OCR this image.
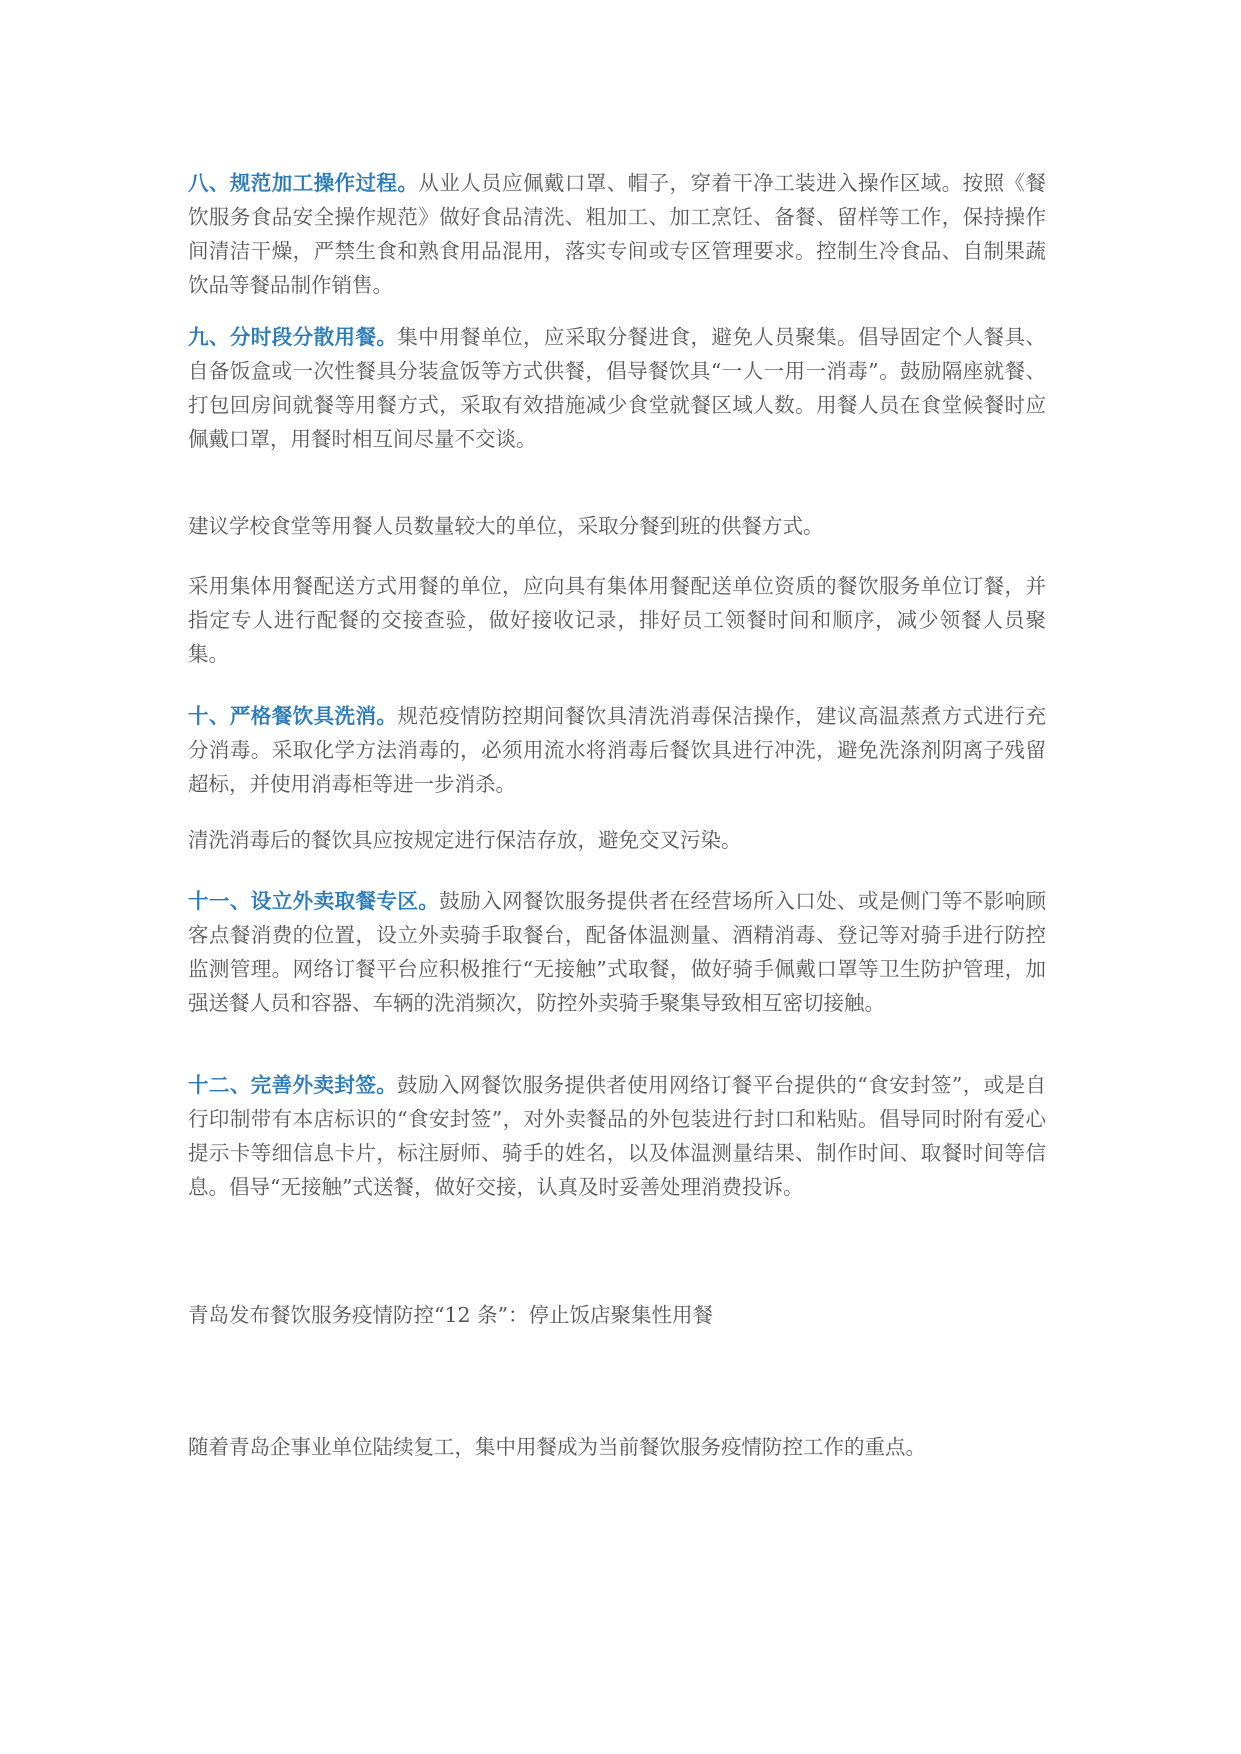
八、规范加工操作过程。从业人员应佩戴口罩、帽子，穿着干净工装进入操作区域。按照《餐饮服务食品安全操作规范》做好食品清洗、粗加工、加工烹饪、备餐、留样等工作，保持操作间清洁干燥，严禁生食和熟食用品混用，落实专间或专区管理要求。控制生冷食品、自制果蔬饮品等餐品制作销售。

九、分时段分散用餐。集中用餐单位，应采取分餐进食，避免人员聚集。倡导固定个人餐具、自备饭盒或一次性餐具分装盒饭等方式供餐，倡导餐饮具“一人一用一消毒”。鼓励隔座就餐、打包回房间就餐等用餐方式，采取有效措施减少食堂就餐区域人数。用餐人员在食堂候餐时应佩戴口罩，用餐时相互间尽量不交谈。

建议学校食堂等用餐人员数量较大的单位，采取分餐到班的供餐方式。

采用集体用餐配送方式用餐的单位，应向具有集体用餐配送单位资质的餐饮服务单位订餐，并指定专人进行配餐的交接查验，做好接收记录，排好员工领餐时间和顺序，减少领餐人员聚集。

十、严格餐饮具洗消。规范疫情防控期间餐饮具清洗消毒保洁操作，建议高温蒸煮方式进行充分消毒。采取化学方法消毒的，必须用流水将消毒后餐饮具进行冲洗，避免洗涤剂阴离子残留超标，并使用消毒柜等进一步消杀。

清洗消毒后的餐饮具应按规定进行保洁存放，避免交叉污染。

十一、设立外卖取餐专区。鼓励入网餐饮服务提供者在经营场所入口处、或是侧门等不影响顾客点餐消费的位置，设立外卖骑手取餐台，配备体温测量、酒精消毒、登记等对骑手进行防控监测管理。网络订餐平台应积极推行“无接触”式取餐，做好骑手佩戴口罩等卫生防护管理，加强送餐人员和容器、车辆的洗消频次，防控外卖骑手聚集导致相互密切接触。

十二、完善外卖封签。鼓励入网餐饮服务提供者使用网络订餐平台提供的“食安封签”，或是自行印制带有本店标识的“食安封签”，对外卖餐品的外包装进行封口和粘贴。倡导同时附有爱心提示卡等细信息卡片，标注厨师、骑手的姓名，以及体温测量结果、制作时间、取餐时间等信息。倡导“无接触”式送餐，做好交接，认真及时妥善处理消费投诉。

青岛发布餐饮服务疫情防控“12 条”：停止饭店聚集性用餐

随着青岛企事业单位陆续复工，集中用餐成为当前餐饮服务疫情防控工作的重点。
